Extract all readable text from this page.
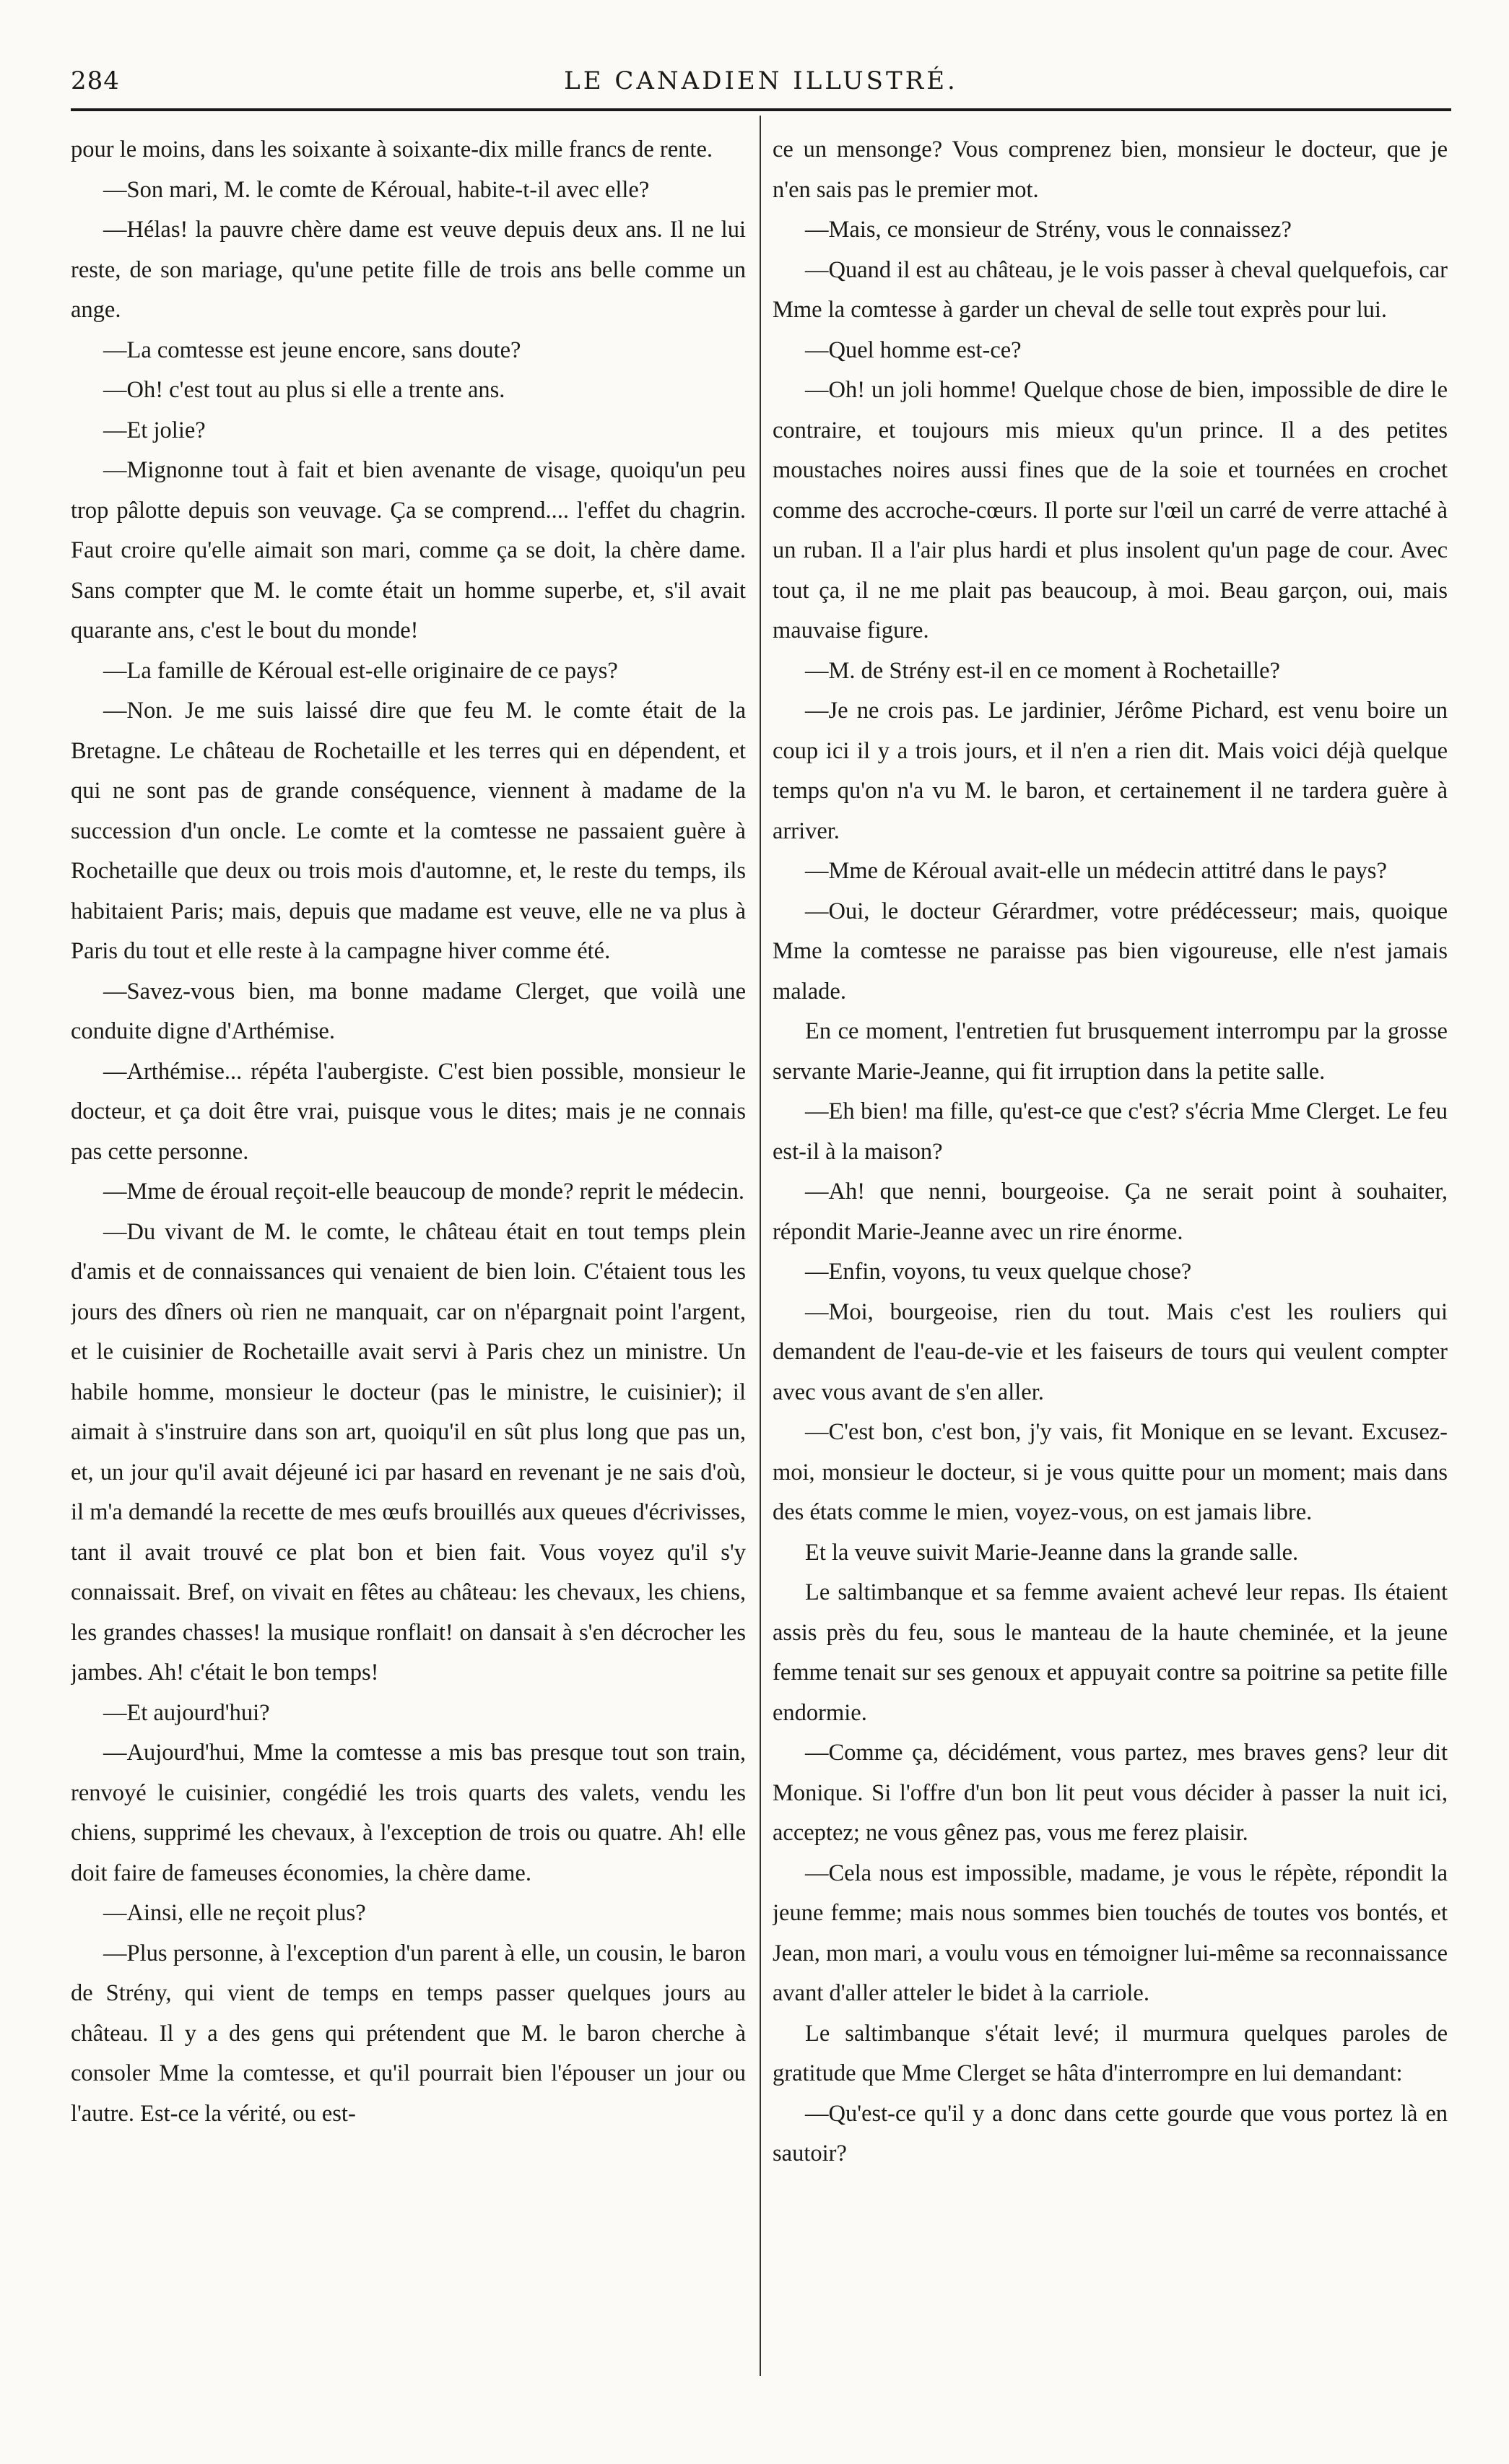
284	LE CANADIEN ILLUSTRÉ.

pour le moins, dans les soixante à soixante-dix mille francs de rente.

—Son mari, M. le comte de Kéroual, habite-t-il avec elle?

—Hélas! la pauvre chère dame est veuve depuis deux ans. Il ne lui reste, de son mariage, qu'une petite fille de trois ans belle comme un ange.

—La comtesse est jeune encore, sans doute?

—Oh! c'est tout au plus si elle a trente ans.

—Et jolie?

—Mignonne tout à fait et bien avenante de visage, quoiqu'un peu trop pâlotte depuis son veuvage. Ça se comprend.... l'effet du chagrin. Faut croire qu'elle aimait son mari, comme ça se doit, la chère dame. Sans compter que M. le comte était un homme superbe, et, s'il avait quarante ans, c'est le bout du monde!

—La famille de Kéroual est-elle originaire de ce pays?

—Non. Je me suis laissé dire que feu M. le comte était de la Bretagne. Le château de Rochetaille et les terres qui en dépendent, et qui ne sont pas de grande conséquence, viennent à madame de la succession d'un oncle. Le comte et la comtesse ne passaient guère à Rochetaille que deux ou trois mois d'automne, et, le reste du temps, ils habitaient Paris; mais, depuis que madame est veuve, elle ne va plus à Paris du tout et elle reste à la campagne hiver comme été.

—Savez-vous bien, ma bonne madame Clerget, que voilà une conduite digne d'Arthémise.

—Arthémise... répéta l'aubergiste. C'est bien possible, monsieur le docteur, et ça doit être vrai, puisque vous le dites; mais je ne connais pas cette personne.

—Mme de éroual reçoit-elle beaucoup de monde? reprit le médecin.

—Du vivant de M. le comte, le château était en tout temps plein d'amis et de connaissances qui venaient de bien loin. C'étaient tous les jours des dîners où rien ne manquait, car on n'épargnait point l'argent, et le cuisinier de Rochetaille avait servi à Paris chez un ministre. Un habile homme, monsieur le docteur (pas le ministre, le cuisinier); il aimait à s'instruire dans son art, quoiqu'il en sût plus long que pas un, et, un jour qu'il avait déjeuné ici par hasard en revenant je ne sais d'où, il m'a demandé la recette de mes œufs brouillés aux queues d'écrivisses, tant il avait trouvé ce plat bon et bien fait. Vous voyez qu'il s'y connaissait. Bref, on vivait en fêtes au château: les chevaux, les chiens, les grandes chasses! la musique ronflait! on dansait à s'en décrocher les jambes. Ah! c'était le bon temps!

—Et aujourd'hui?

—Aujourd'hui, Mme la comtesse a mis bas presque tout son train, renvoyé le cuisinier, congédié les trois quarts des valets, vendu les chiens, supprimé les chevaux, à l'exception de trois ou quatre. Ah! elle doit faire de fameuses économies, la chère dame.

—Ainsi, elle ne reçoit plus?

—Plus personne, à l'exception d'un parent à elle, un cousin, le baron de Strény, qui vient de temps en temps passer quelques jours au château. Il y a des gens qui prétendent que M. le baron cherche à consoler Mme la comtesse, et qu'il pourrait bien l'épouser un jour ou l'autre. Est-ce la vérité, ou est-

ce un mensonge? Vous comprenez bien, monsieur le docteur, que je n'en sais pas le premier mot.

—Mais, ce monsieur de Strény, vous le connaissez?

—Quand il est au château, je le vois passer à cheval quelquefois, car Mme la comtesse à garder un cheval de selle tout exprès pour lui.

—Quel homme est-ce?

—Oh! un joli homme! Quelque chose de bien, impossible de dire le contraire, et toujours mis mieux qu'un prince. Il a des petites moustaches noires aussi fines que de la soie et tournées en crochet comme des accroche-cœurs. Il porte sur l'œil un carré de verre attaché à un ruban. Il a l'air plus hardi et plus insolent qu'un page de cour. Avec tout ça, il ne me plait pas beaucoup, à moi. Beau garçon, oui, mais mauvaise figure.

—M. de Strény est-il en ce moment à Rochetaille?

—Je ne crois pas. Le jardinier, Jérôme Pichard, est venu boire un coup ici il y a trois jours, et il n'en a rien dit. Mais voici déjà quelque temps qu'on n'a vu M. le baron, et certainement il ne tardera guère à arriver.

—Mme de Kéroual avait-elle un médecin attitré dans le pays?

—Oui, le docteur Gérardmer, votre prédécesseur; mais, quoique Mme la comtesse ne paraisse pas bien vigoureuse, elle n'est jamais malade.

En ce moment, l'entretien fut brusquement interrompu par la grosse servante Marie-Jeanne, qui fit irruption dans la petite salle.

—Eh bien! ma fille, qu'est-ce que c'est? s'écria Mme Clerget. Le feu est-il à la maison?

—Ah! que nenni, bourgeoise. Ça ne serait point à souhaiter, répondit Marie-Jeanne avec un rire énorme.

—Enfin, voyons, tu veux quelque chose?

—Moi, bourgeoise, rien du tout. Mais c'est les rouliers qui demandent de l'eau-de-vie et les faiseurs de tours qui veulent compter avec vous avant de s'en aller.

—C'est bon, c'est bon, j'y vais, fit Monique en se levant. Excusez-moi, monsieur le docteur, si je vous quitte pour un moment; mais dans des états comme le mien, voyez-vous, on est jamais libre.

Et la veuve suivit Marie-Jeanne dans la grande salle.

Le saltimbanque et sa femme avaient achevé leur repas. Ils étaient assis près du feu, sous le manteau de la haute cheminée, et la jeune femme tenait sur ses genoux et appuyait contre sa poitrine sa petite fille endormie.

—Comme ça, décidément, vous partez, mes braves gens? leur dit Monique. Si l'offre d'un bon lit peut vous décider à passer la nuit ici, acceptez; ne vous gênez pas, vous me ferez plaisir.

—Cela nous est impossible, madame, je vous le répète, répondit la jeune femme; mais nous sommes bien touchés de toutes vos bontés, et Jean, mon mari, a voulu vous en témoigner lui-même sa reconnaissance avant d'aller atteler le bidet à la carriole.

Le saltimbanque s'était levé; il murmura quelques paroles de gratitude que Mme Clerget se hâta d'interrompre en lui demandant:

—Qu'est-ce qu'il y a donc dans cette gourde que vous portez là en sautoir?
